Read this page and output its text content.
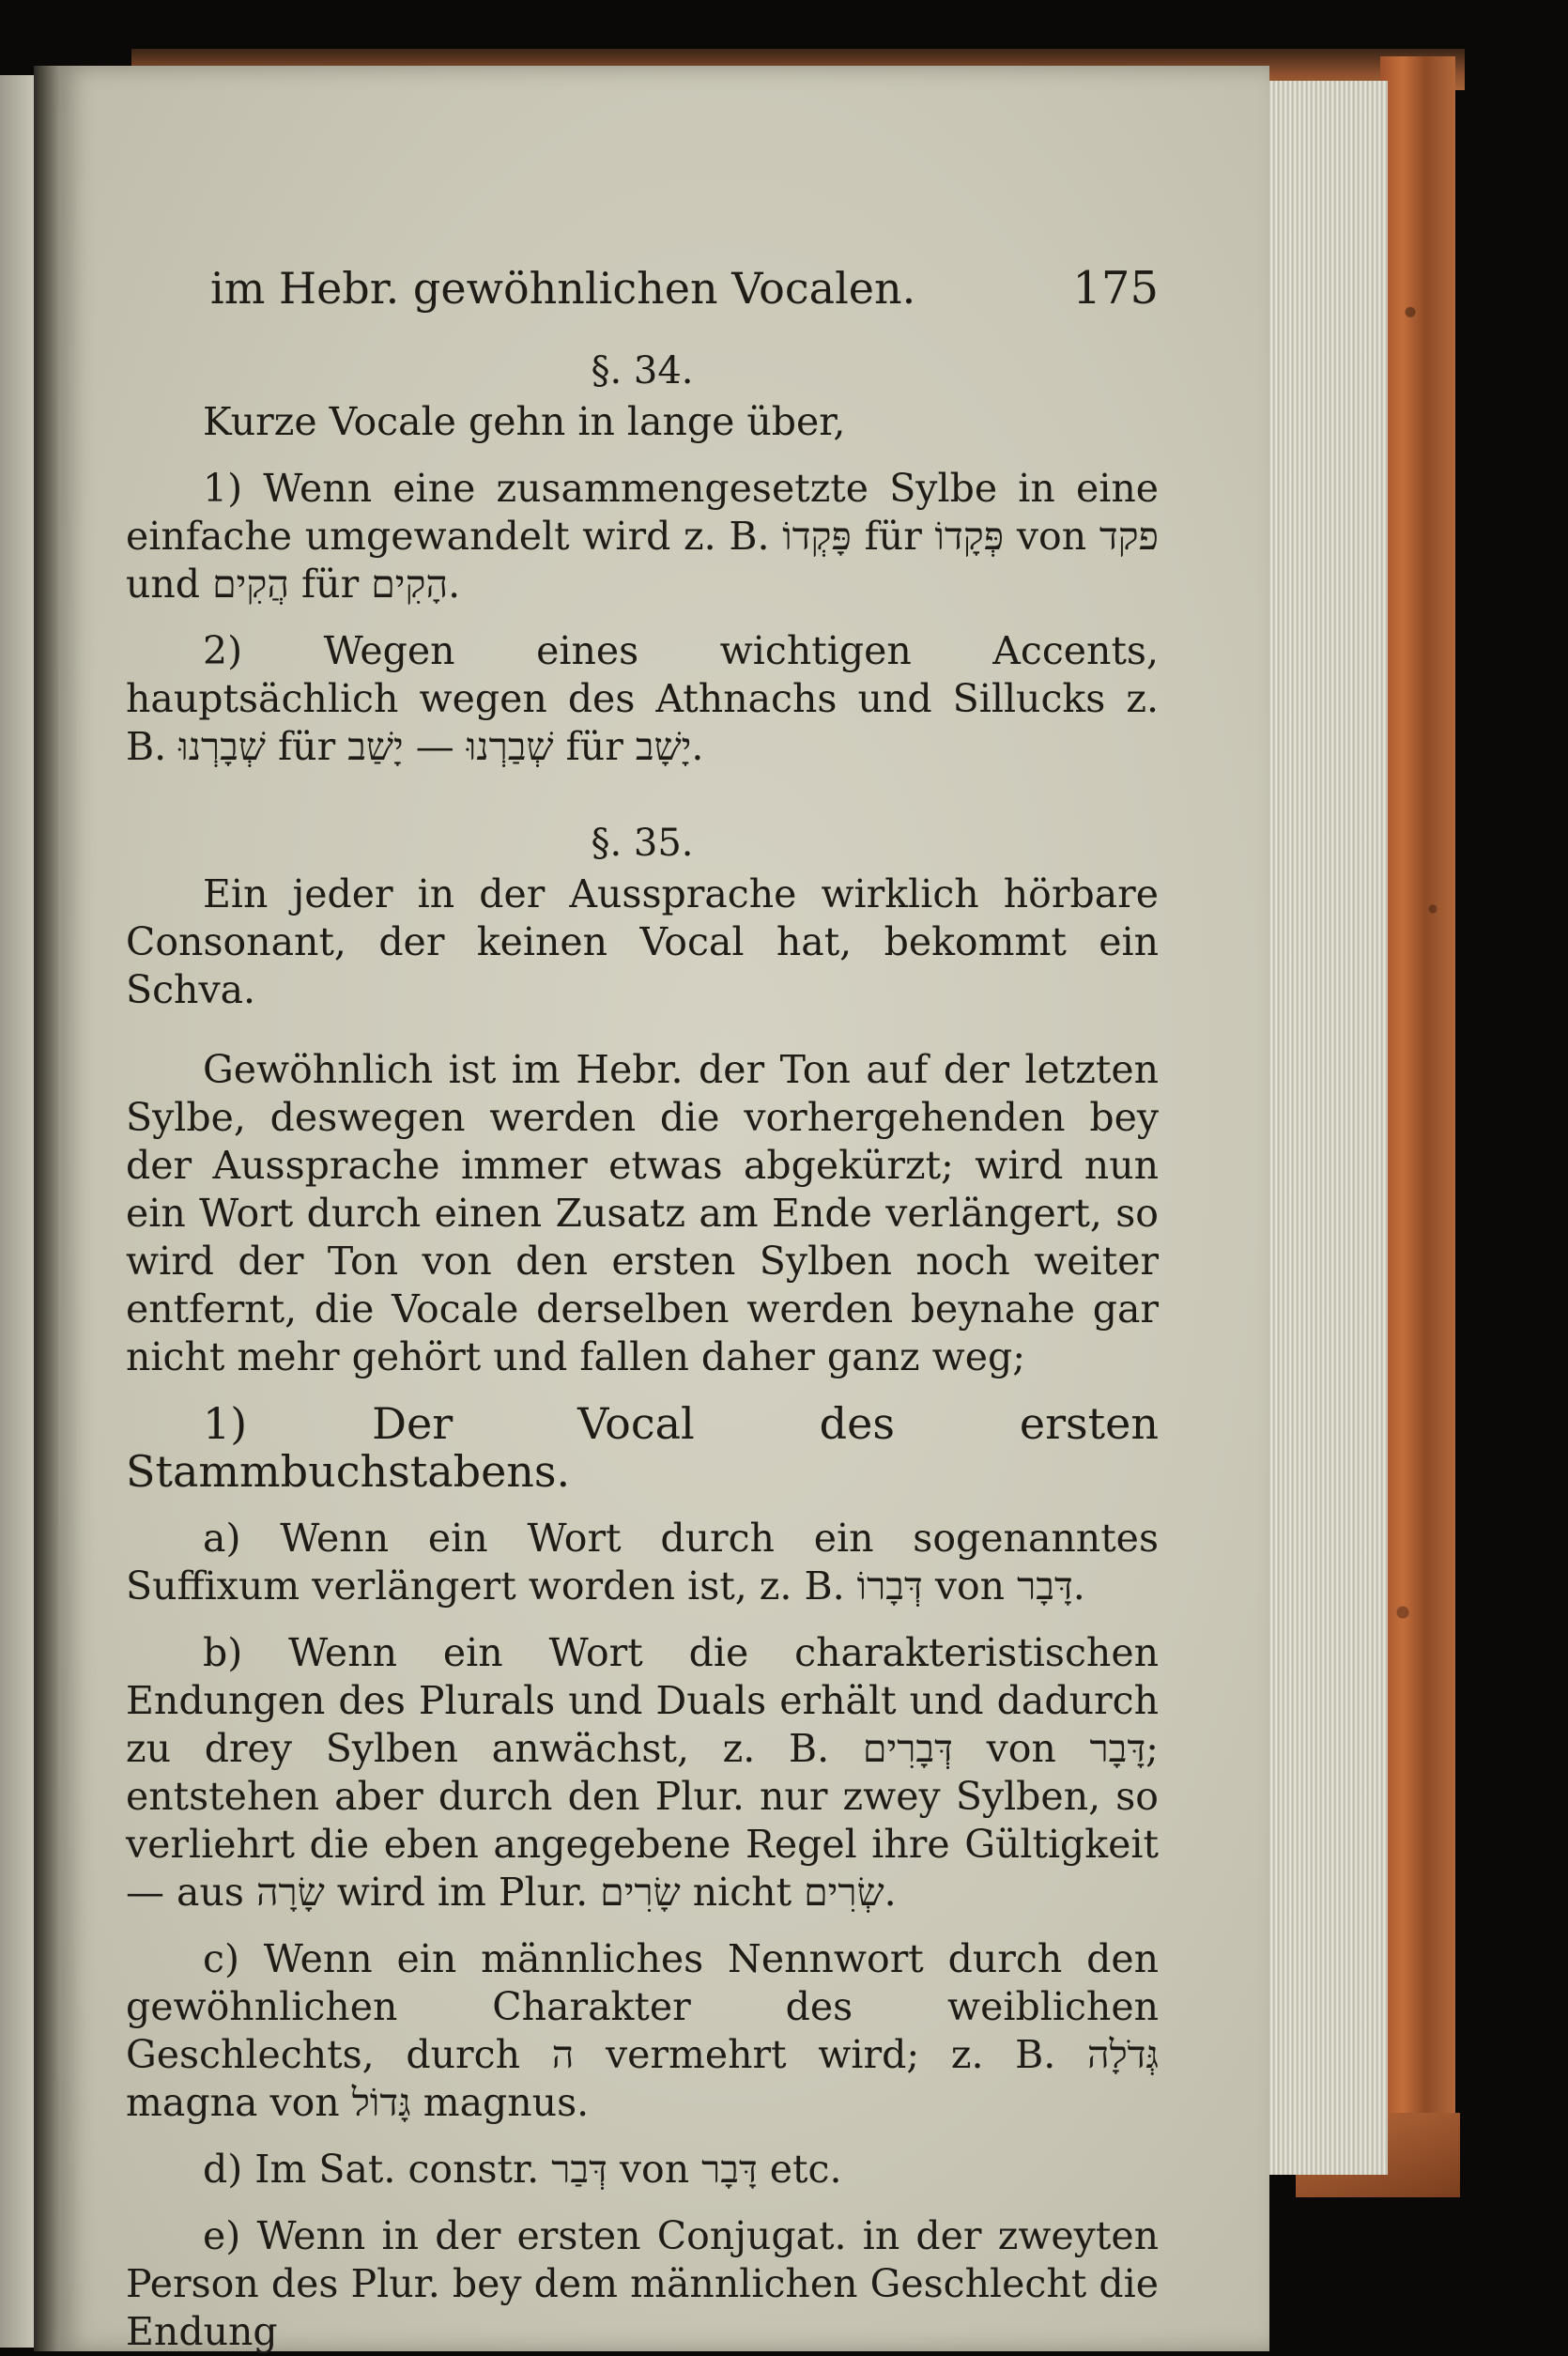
im Hebr. gewöhnlichen Vocalen.	175
§. 34.

Kurze Vocale gehn in lange über,

1) Wenn eine zusammengesetzte Sylbe in eine einfache umgewandelt wird z. B. פָּקְדוֹ für פְּקָדוֹ von פקד und הֲקִים für הָקִים.

2) Wegen eines wichtigen Accents, hauptsächlich wegen des Athnachs und Sillucks z. B. שְׁבָרְנוּ für שְׁבַרְנוּ — יָשַׁב für יָשָׁב.

§. 35.

Ein jeder in der Aussprache wirklich hörbare Consonant, der keinen Vocal hat, bekommt ein Schva.

Gewöhnlich ist im Hebr. der Ton auf der letzten Sylbe, deswegen werden die vorhergehenden bey der Aussprache immer etwas abgekürzt; wird nun ein Wort durch einen Zusatz am Ende verlängert, so wird der Ton von den ersten Sylben noch weiter entfernt, die Vocale derselben werden beynahe gar nicht mehr gehört und fallen daher ganz weg;

1) Der Vocal des ersten Stammbuchstabens.

a) Wenn ein Wort durch ein sogenanntes Suffixum verlängert worden ist, z. B. דְּבָרוֹ von דָּבָר.

b) Wenn ein Wort die charakteristischen Endungen des Plurals und Duals erhält und dadurch zu drey Sylben anwächst, z. B. דְּבָרִים von דָּבָר; entstehen aber durch den Plur. nur zwey Sylben, so verliehrt die eben angegebene Regel ihre Gültigkeit — aus שָׂרָה wird im Plur. שָׂרִים nicht שְׂרִים.

c) Wenn ein männliches Nennwort durch den gewöhnlichen Charakter des weiblichen Geschlechts, durch ה vermehrt wird; z. B. גְּדֹלָה magna von גָּדוֹל magnus.

d) Im Sat. constr. דְּבַר von דָּבָר etc.

e) Wenn in der ersten Conjugat. in der zweyten Person des Plur. bey dem männlichen Geschlecht die Endung
